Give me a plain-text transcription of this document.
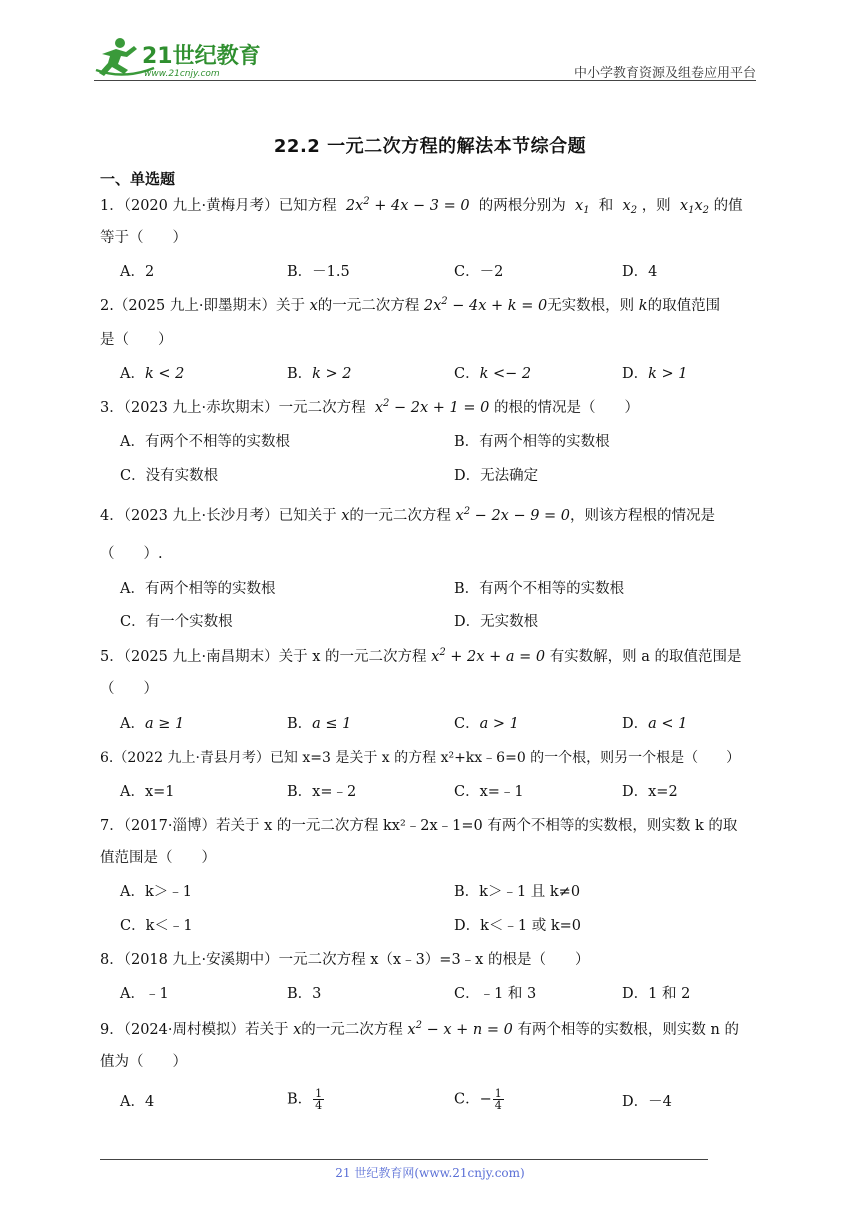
21世纪教育
www.21cnjy.com	中小学教育资源及组卷应用平台
22.2 一元二次方程的解法本节综合题
一、单选题
1．（2020 九上·黄梅月考）已知方程  $2x^2 + 4x - 3 = 0$  的两根分别为  $x_1$ 和  $x_2$ ，则  $x_1x_2$ 的值
等于（　　）
A．2	B．－1.5	C．－2	D．4
2.（2025 九上·即墨期末）关于 x的一元二次方程 $2x^2 - 4x + k = 0$无实数根，则 k的取值范围
是（　　）
A．k < 2	B．k > 2	C．k <− 2	D．k > 1
3．（2023 九上·赤坎期末）一元二次方程  $x^2 - 2x + 1 = 0$ 的根的情况是（　　）
A．有两个不相等的实数根	B．有两个相等的实数根
C．没有实数根	D．无法确定
4．（2023 九上·长沙月考）已知关于 x的一元二次方程 $x^2 - 2x - 9 = 0$，则该方程根的情况是
（　　）.
A．有两个相等的实数根	B．有两个不相等的实数根
C．有一个实数根	D．无实数根
5．（2025 九上·南昌期末）关于 x 的一元二次方程 $x^2 + 2x + a = 0$ 有实数解，则 a 的取值范围是
（　　）
A．a ≥ 1	B．a ≤ 1	C．a > 1	D．a < 1
6.（2022 九上·青县月考）已知 x=3 是关于 x 的方程 x²+kx﹣6=0 的一个根，则另一个根是（　　）
A．x=1	B．x=﹣2	C．x=﹣1	D．x=2
7．（2017·淄博）若关于 x 的一元二次方程 kx²﹣2x﹣1=0 有两个不相等的实数根，则实数 k 的取
值范围是（　　）
A．k＞﹣1	B．k＞﹣1 且 k≠0
C．k＜﹣1	D．k＜﹣1 或 k=0
8．（2018 九上·安溪期中）一元二次方程 x（x﹣3）=3﹣x 的根是（　　）
A．﹣1	B．3	C．﹣1 和 3	D．1 和 2
9．（2024·周村模拟）若关于 x的一元二次方程 $x^2 - x + n = 0$ 有两个相等的实数根，则实数 n 的
值为（　　）
A．4	B． $\frac{1}{4}$	C．− $\frac{1}{4}$	D．－4
21 世纪教育网(www.21cnjy.com)
